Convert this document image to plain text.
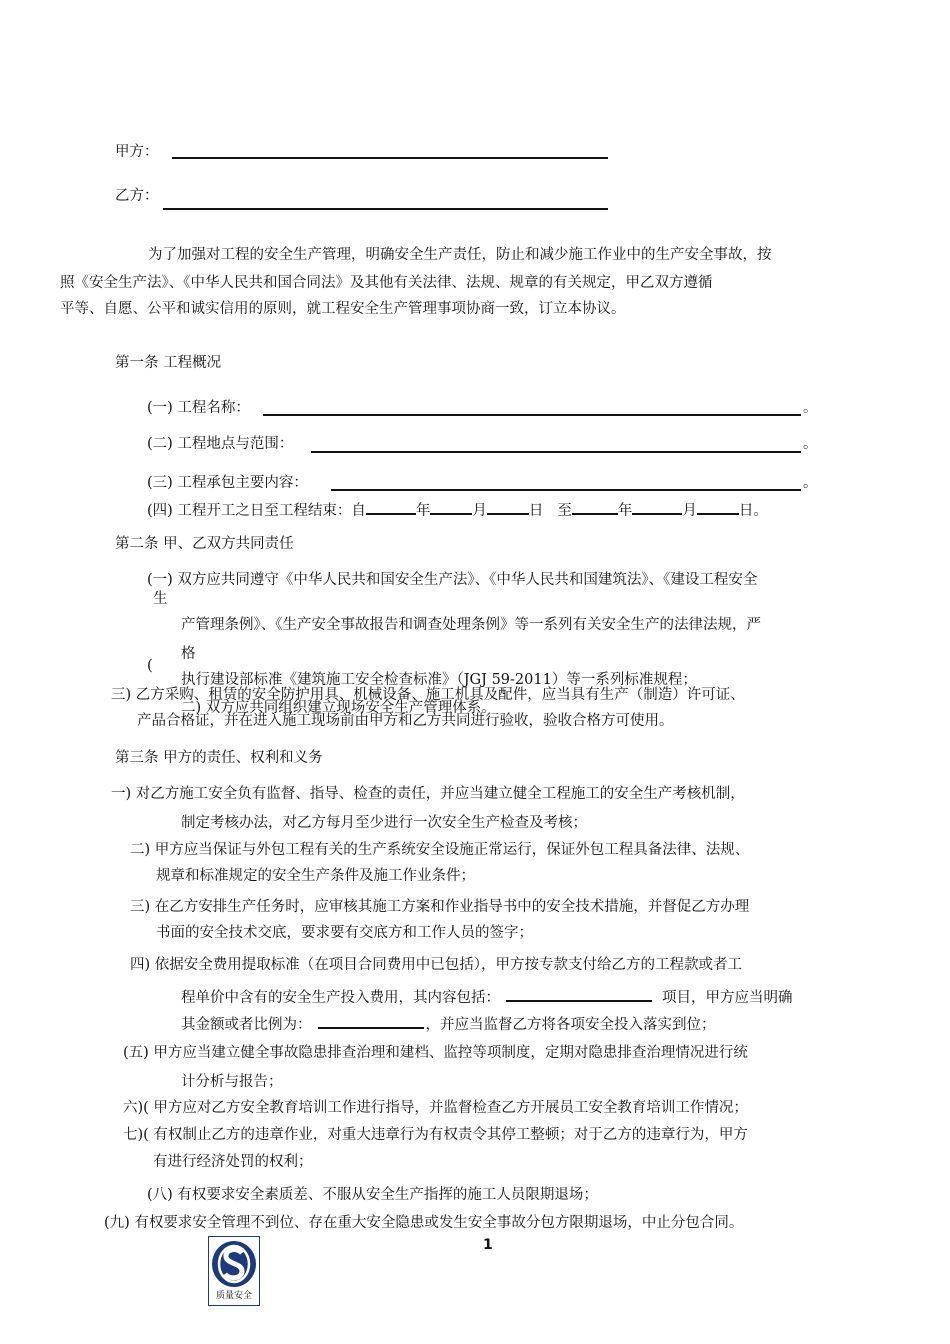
甲方：
乙方：
为了加强对工程的安全生产管理，明确安全生产责任，防止和减少施工作业中的生产安全事故，按
照《安全生产法》、《中华人民共和国合同法》及其他有关法律、法规、规章的有关规定，甲乙双方遵循
平等、自愿、公平和诚实信用的原则，就工程安全生产管理事项协商一致，订立本协议。
第一条 工程概况
(一) 工程名称：	。
(二) 工程地点与范围：	。
(三) 工程承包主要内容：	。
(四) 工程开工之日至工程结束：自	年	月	日 至	年	月	日。
第二条 甲、乙双方共同责任
(一) 双方应共同遵守《中华人民共和国安全生产法》、《中华人民共和国建筑法》、《建设工程安全
生
产管理条例》、《生产安全事故报告和调查处理条例》等一系列有关安全生产的法律法规，严
格
(
执行建设部标准《建筑施工安全检查标准》（JGJ 59-2011）等一系列标准规程；
二) 双方应共同组织建立现场安全生产管理体系。
三) 乙方采购、租赁的安全防护用具、机械设备、施工机具及配件，应当具有生产（制造）许可证、
产品合格证，并在进入施工现场前由甲方和乙方共同进行验收，验收合格方可使用。
第三条 甲方的责任、权利和义务
一) 对乙方施工安全负有监督、指导、检查的责任，并应当建立健全工程施工的安全生产考核机制，
制定考核办法，对乙方每月至少进行一次安全生产检查及考核；
二) 甲方应当保证与外包工程有关的生产系统安全设施正常运行，保证外包工程具备法律、法规、
规章和标准规定的安全生产条件及施工作业条件；
三) 在乙方安排生产任务时，应审核其施工方案和作业指导书中的安全技术措施，并督促乙方办理
书面的安全技术交底，要求要有交底方和工作人员的签字；
四) 依据安全费用提取标准（在项目合同费用中已包括），甲方按专款支付给乙方的工程款或者工
程单价中含有的安全生产投入费用，其内容包括：	项目，甲方应当明确
其金额或者比例为：	，并应当监督乙方将各项安全投入落实到位；
(五) 甲方应当建立健全事故隐患排查治理和建档、监控等项制度，定期对隐患排查治理情况进行统
计分析与报告；
六)( 甲方应对乙方安全教育培训工作进行指导，并监督检查乙方开展员工安全教育培训工作情况；
七)( 有权制止乙方的违章作业，对重大违章行为有权责令其停工整顿；对于乙方的违章行为，甲方
有进行经济处罚的权利；
(八) 有权要求安全素质差、不服从安全生产指挥的施工人员限期退场；
(九) 有权要求安全管理不到位、存在重大安全隐患或发生安全事故分包方限期退场，中止分包合同。
1
质量安全
